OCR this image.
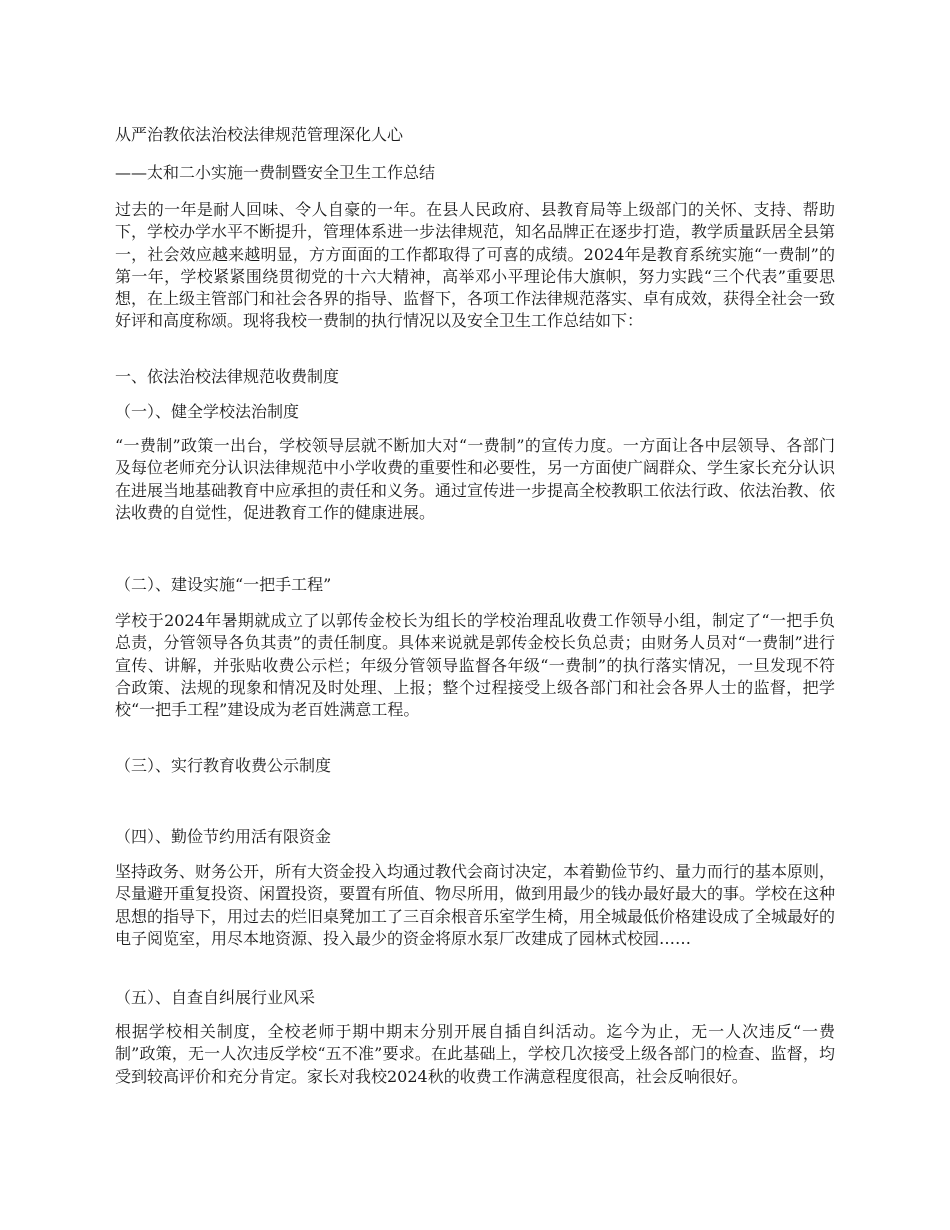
从严治教依法治校法律规范管理深化人心

——太和二小实施一费制暨安全卫生工作总结

过去的一年是耐人回味、令人自豪的一年。在县人民政府、县教育局等上级部门的关怀、支持、帮助下，学校办学水平不断提升，管理体系进一步法律规范，知名品牌正在逐步打造，教学质量跃居全县第一，社会效应越来越明显，方方面面的工作都取得了可喜的成绩。2024年是教育系统实施“一费制”的第一年，学校紧紧围绕贯彻党的十六大精神，高举邓小平理论伟大旗帜，努力实践“三个代表”重要思想，在上级主管部门和社会各界的指导、监督下，各项工作法律规范落实、卓有成效，获得全社会一致好评和高度称颂。现将我校一费制的执行情况以及安全卫生工作总结如下：

一、依法治校法律规范收费制度

（一）、健全学校法治制度

“一费制”政策一出台，学校领导层就不断加大对“一费制”的宣传力度。一方面让各中层领导、各部门及每位老师充分认识法律规范中小学收费的重要性和必要性，另一方面使广阔群众、学生家长充分认识在进展当地基础教育中应承担的责任和义务。通过宣传进一步提高全校教职工依法行政、依法治教、依法收费的自觉性，促进教育工作的健康进展。

（二）、建设实施“一把手工程”

学校于2024年暑期就成立了以郭传金校长为组长的学校治理乱收费工作领导小组，制定了“一把手负总责，分管领导各负其责”的责任制度。具体来说就是郭传金校长负总责；由财务人员对“一费制”进行宣传、讲解，并张贴收费公示栏；年级分管领导监督各年级“一费制”的执行落实情况，一旦发现不符合政策、法规的现象和情况及时处理、上报；整个过程接受上级各部门和社会各界人士的监督，把学校“一把手工程”建设成为老百姓满意工程。

（三）、实行教育收费公示制度

（四）、勤俭节约用活有限资金

坚持政务、财务公开，所有大资金投入均通过教代会商讨决定，本着勤俭节约、量力而行的基本原则，尽量避开重复投资、闲置投资，要置有所值、物尽所用，做到用最少的钱办最好最大的事。学校在这种思想的指导下，用过去的烂旧桌凳加工了三百余根音乐室学生椅，用全城最低价格建设成了全城最好的电子阅览室，用尽本地资源、投入最少的资金将原水泵厂改建成了园林式校园……

（五）、自查自纠展行业风采

根据学校相关制度，全校老师于期中期末分别开展自插自纠活动。迄今为止，无一人次违反“一费制”政策，无一人次违反学校“五不准”要求。在此基础上，学校几次接受上级各部门的检查、监督，均受到较高评价和充分肯定。家长对我校2024秋的收费工作满意程度很高，社会反响很好。
